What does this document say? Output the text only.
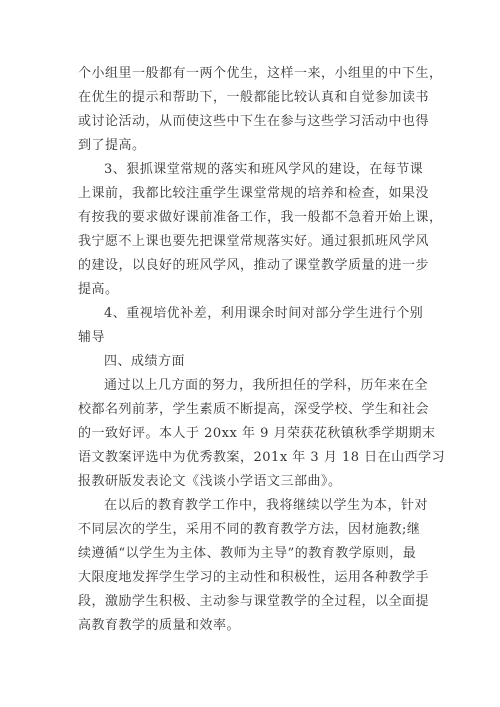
个小组里一般都有一两个优生，这样一来，小组里的中下生，
在优生的提示和帮助下，一般都能比较认真和自觉参加读书
或讨论活动，从而使这些中下生在参与这些学习活动中也得
到了提高。
3、狠抓课堂常规的落实和班风学风的建设，在每节课
上课前，我都比较注重学生课堂常规的培养和检查，如果没
有按我的要求做好课前准备工作，我一般都不急着开始上课，
我宁愿不上课也要先把课堂常规落实好。通过狠抓班风学风
的建设，以良好的班风学风，推动了课堂教学质量的进一步
提高。
4、重视培优补差，利用课余时间对部分学生进行个别
辅导
四、成绩方面
通过以上几方面的努力，我所担任的学科，历年来在全
校都名列前茅，学生素质不断提高，深受学校、学生和社会
的一致好评。本人于 20xx 年 9 月荣获花秋镇秋季学期期末
语文教案评选中为优秀教案，201x 年 3 月 18 日在山西学习
报教研版发表论文《浅谈小学语文三部曲》。
在以后的教育教学工作中，我将继续以学生为本，针对
不同层次的学生，采用不同的教育教学方法，因材施教;继
续遵循“以学生为主体、教师为主导”的教育教学原则，最
大限度地发挥学生学习的主动性和积极性，运用各种教学手
段，激励学生积极、主动参与课堂教学的全过程，以全面提
高教育教学的质量和效率。
